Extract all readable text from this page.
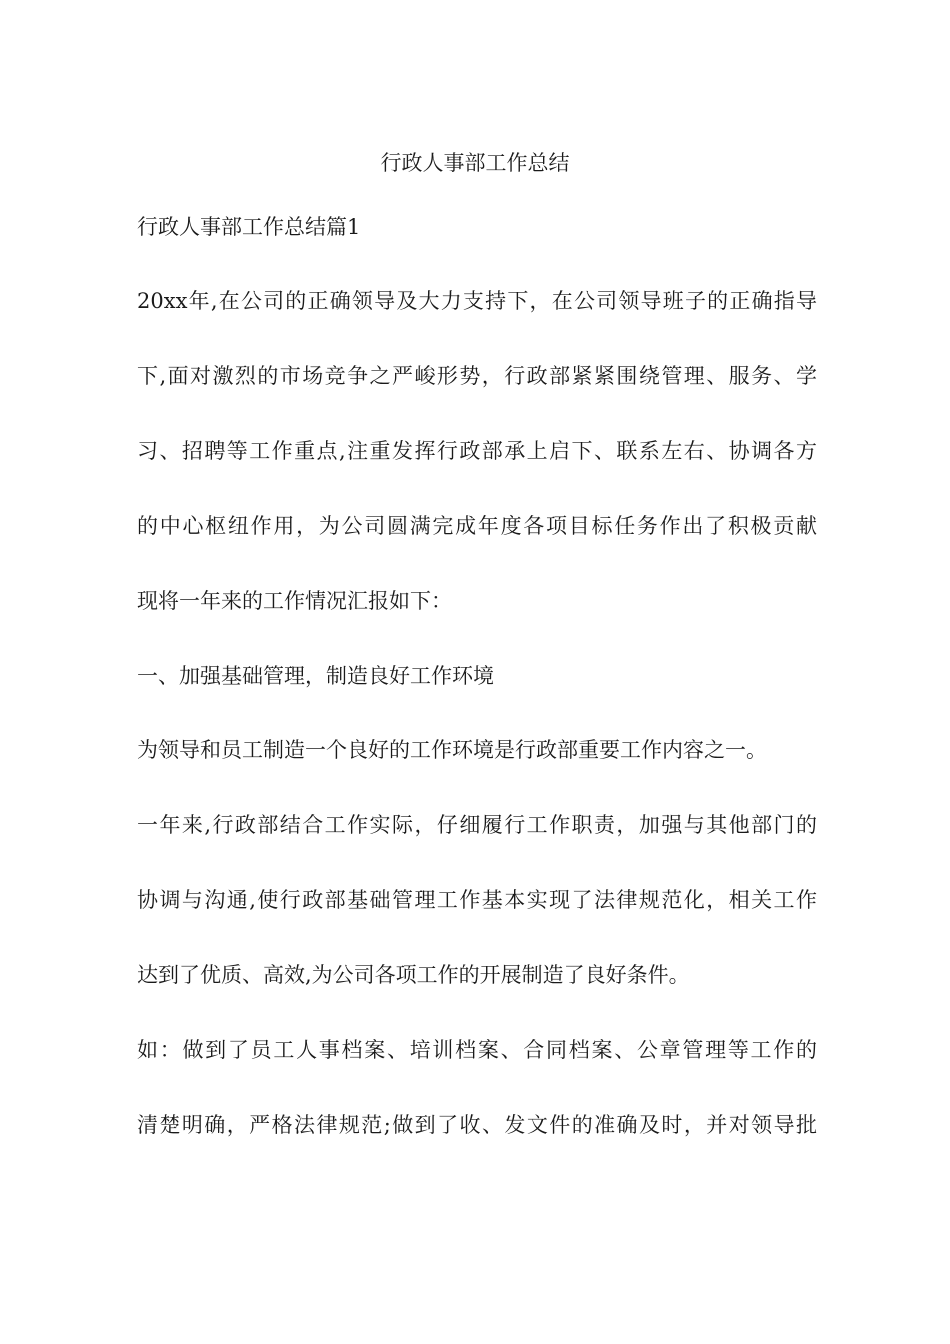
行政人事部工作总结
行政人事部工作总结篇1
20xx年,在公司的正确领导及大力支持下，在公司领导班子的正确指导
下,面对激烈的市场竞争之严峻形势，行政部紧紧围绕管理、服务、学
习、招聘等工作重点,注重发挥行政部承上启下、联系左右、协调各方
的中心枢纽作用，为公司圆满完成年度各项目标任务作出了积极贡献
现将一年来的工作情况汇报如下：
一、加强基础管理，制造良好工作环境
为领导和员工制造一个良好的工作环境是行政部重要工作内容之一。
一年来,行政部结合工作实际，仔细履行工作职责，加强与其他部门的
协调与沟通,使行政部基础管理工作基本实现了法律规范化，相关工作
达到了优质、高效,为公司各项工作的开展制造了良好条件。
如：做到了员工人事档案、培训档案、合同档案、公章管理等工作的
清楚明确，严格法律规范;做到了收、发文件的准确及时，并对领导批
